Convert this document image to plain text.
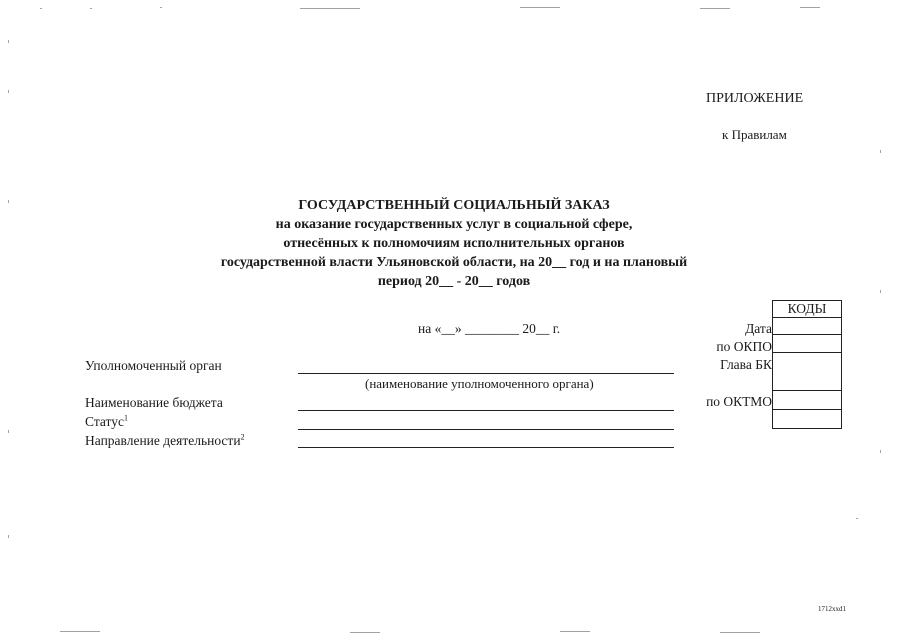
ПРИЛОЖЕНИЕ
к Правилам
ГОСУДАРСТВЕННЫЙ СОЦИАЛЬНЫЙ ЗАКАЗ
на оказание государственных услуг в социальной сфере,
отнесённых к полномочиям исполнительных органов
государственной власти Ульяновской области, на 20__ год и на плановый
период 20__ - 20__ годов
на «__» ________ 20__ г.
Уполномоченный орган
(наименование уполномоченного органа)
Наименование бюджета
Статус$^1$
Направление деятельности$^2$
Дата
по ОКПО
Глава БК
по ОКТМО
КОДЫ

1712ххd1
